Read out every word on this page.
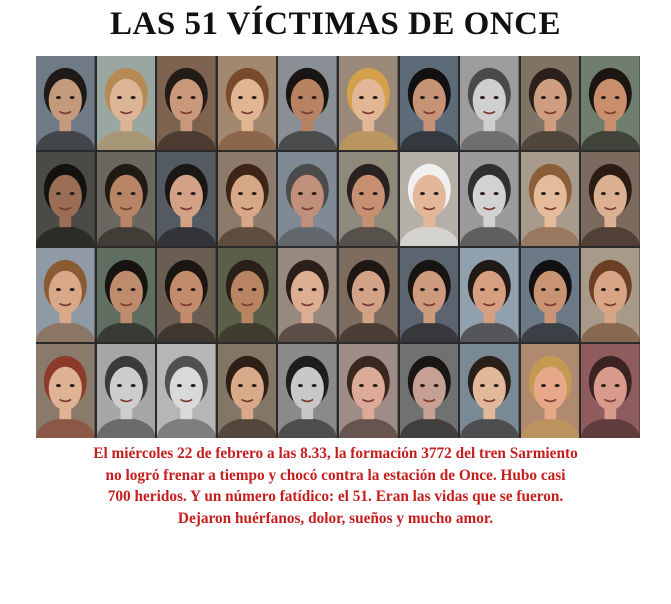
LAS 51 VÍCTIMAS DE ONCE
El miércoles 22 de febrero a las 8.33, la formación 3772 del tren Sarmiento
no logró frenar a tiempo y chocó contra la estación de Once. Hubo casi
700 heridos. Y un número fatídico: el 51. Eran las vidas que se fueron.
Dejaron huérfanos, dolor, sueños y mucho amor.
